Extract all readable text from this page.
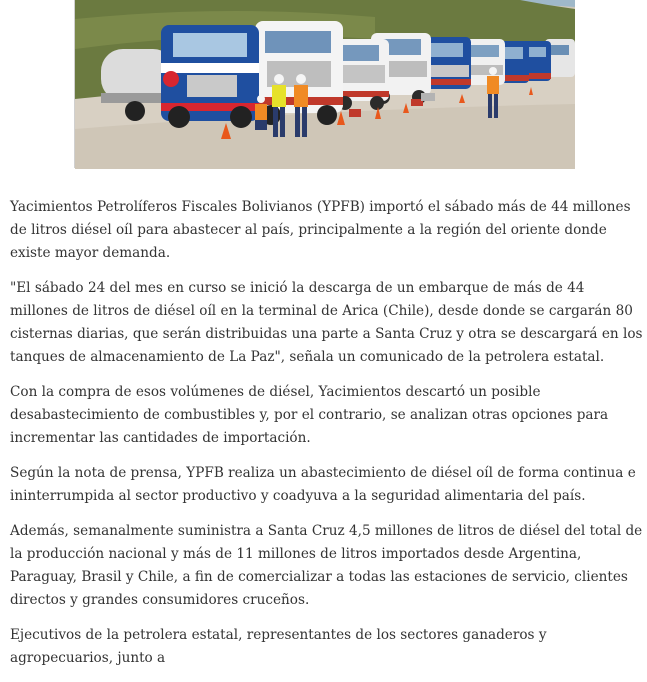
Yacimientos Petrolíferos Fiscales Bolivianos (YPFB) importó el sábado más de 44 millones de litros diésel oíl para abastecer al país, principalmente a la región del oriente donde existe mayor demanda.

"El sábado 24 del mes en curso se inició la descarga de un embarque de más de 44 millones de litros de diésel oíl en la terminal de Arica (Chile), desde donde se cargarán 80 cisternas diarias, que serán distribuidas una parte a Santa Cruz y otra se descargará en los tanques de almacenamiento de La Paz", señala un comunicado de la petrolera estatal.

Con la compra de esos volúmenes de diésel, Yacimientos descartó un posible desabastecimiento de combustibles y, por el contrario, se analizan otras opciones para incrementar las cantidades de importación.

Según la nota de prensa, YPFB realiza un abastecimiento de diésel oíl de forma continua e ininterrumpida al sector productivo y coadyuva a la seguridad alimentaria del país.

Además, semanalmente suministra a Santa Cruz 4,5 millones de litros de diésel del total de la producción nacional y más de 11 millones de litros importados desde Argentina, Paraguay, Brasil y Chile, a fin de comercializar a todas las estaciones de servicio, clientes directos y grandes consumidores cruceños.

Ejecutivos de la petrolera estatal, representantes de los sectores ganaderos y agropecuarios, junto a
